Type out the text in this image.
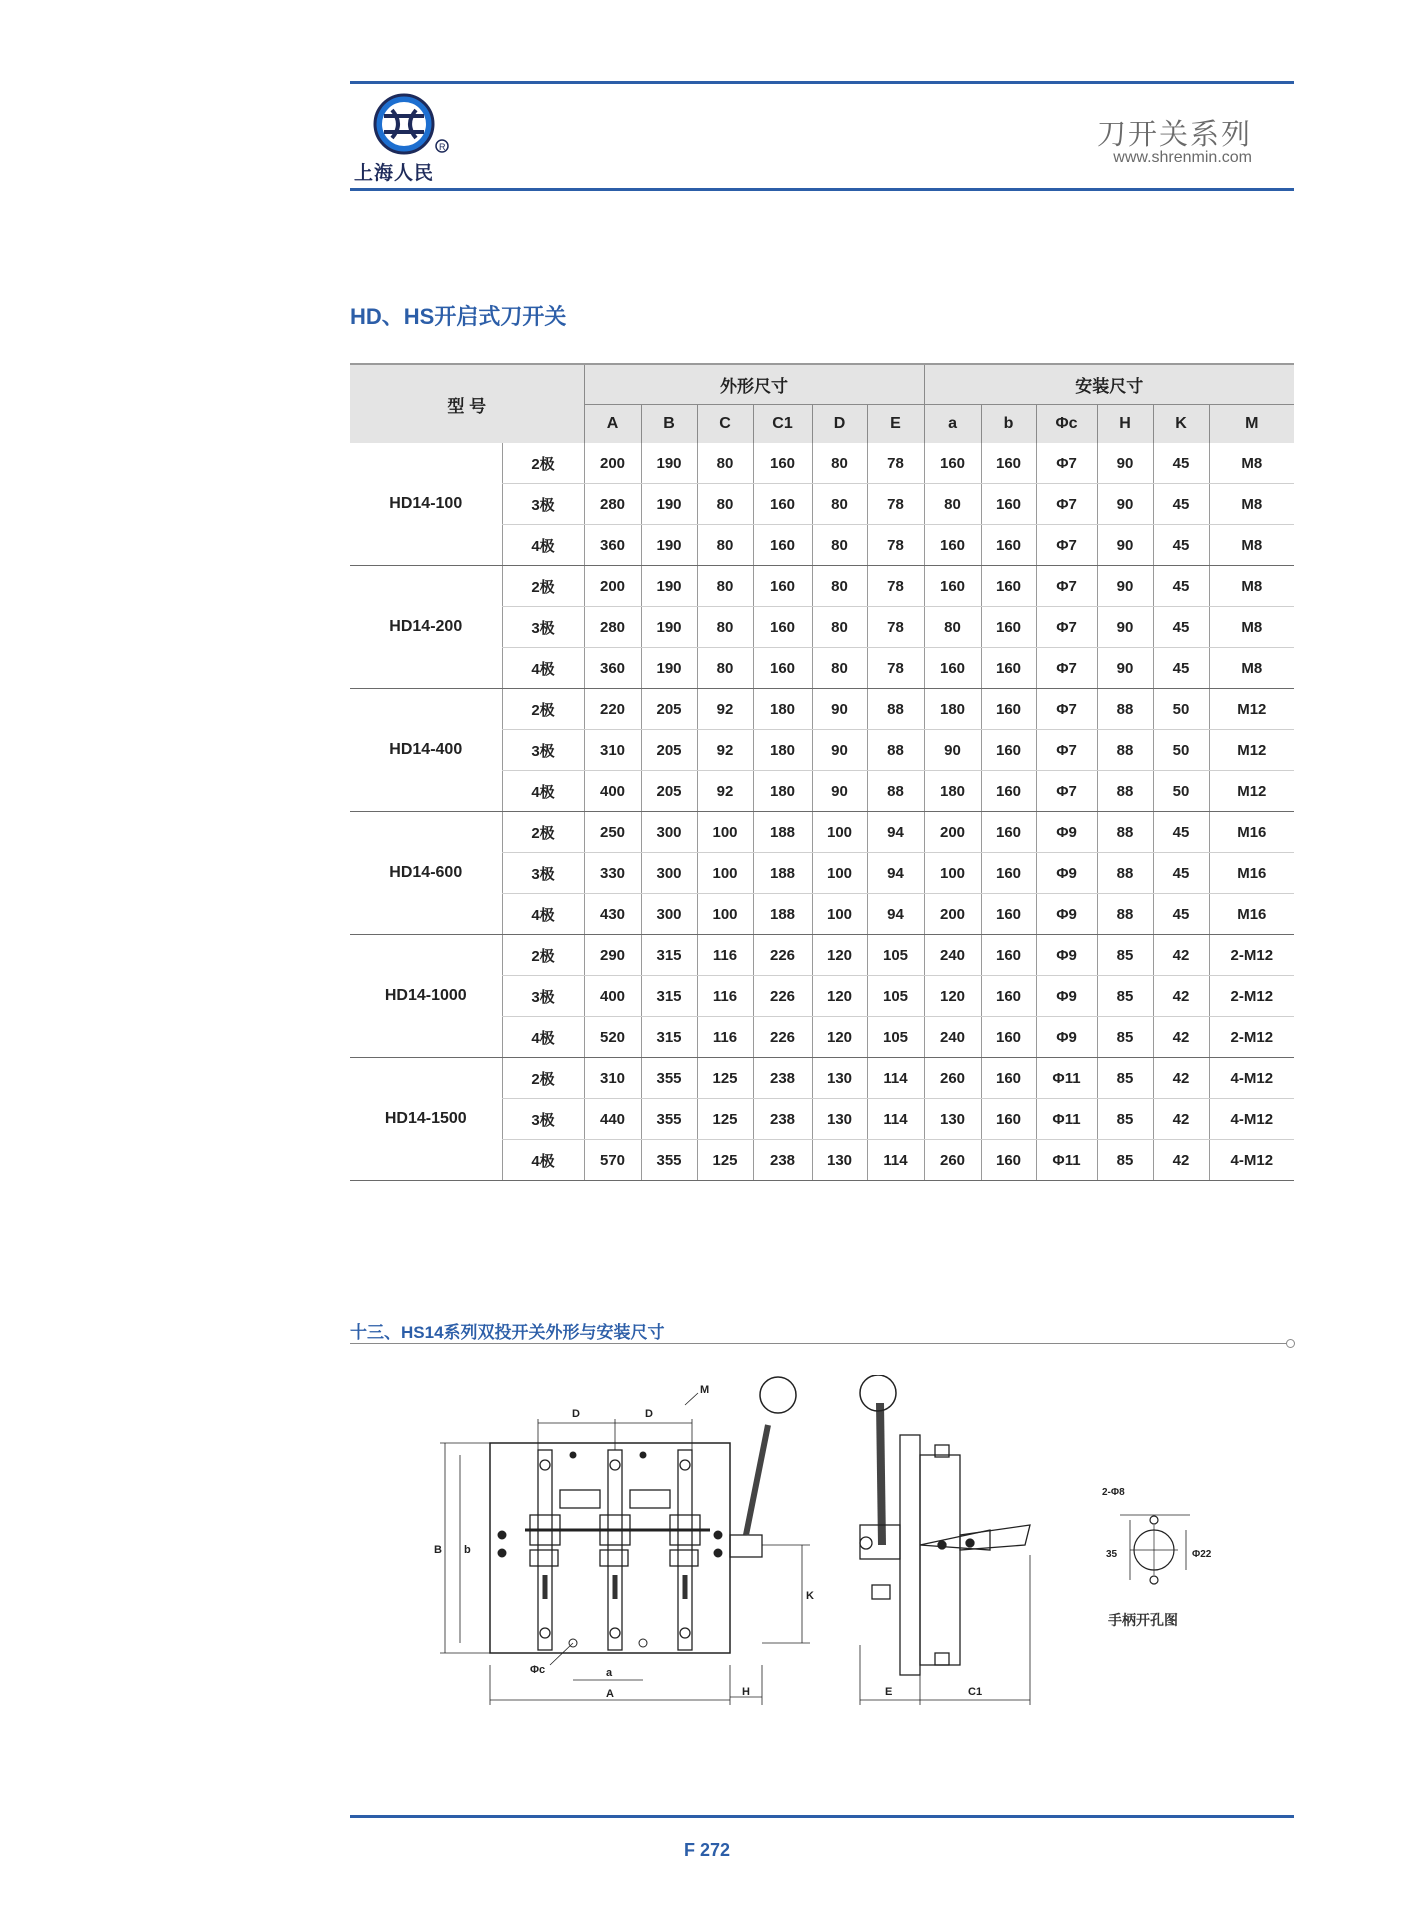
R
上海人民
刀开关系列
www.shrenmin.com
HD、HS开启式刀开关
型 号		外形尺寸						安装尺寸					
		A	B	C	C1	D	E	a	b	Φc	H	K	M
HD14-100	2极	200	190	80	160	80	78	160	160	Φ7	90	45	M8
	3极	280	190	80	160	80	78	80	160	Φ7	90	45	M8
	4极	360	190	80	160	80	78	160	160	Φ7	90	45	M8
HD14-200	2极	200	190	80	160	80	78	160	160	Φ7	90	45	M8
	3极	280	190	80	160	80	78	80	160	Φ7	90	45	M8
	4极	360	190	80	160	80	78	160	160	Φ7	90	45	M8
HD14-400	2极	220	205	92	180	90	88	180	160	Φ7	88	50	M12
	3极	310	205	92	180	90	88	90	160	Φ7	88	50	M12
	4极	400	205	92	180	90	88	180	160	Φ7	88	50	M12
HD14-600	2极	250	300	100	188	100	94	200	160	Φ9	88	45	M16
	3极	330	300	100	188	100	94	100	160	Φ9	88	45	M16
	4极	430	300	100	188	100	94	200	160	Φ9	88	45	M16
HD14-1000	2极	290	315	116	226	120	105	240	160	Φ9	85	42	2-M12
	3极	400	315	116	226	120	105	120	160	Φ9	85	42	2-M12
	4极	520	315	116	226	120	105	240	160	Φ9	85	42	2-M12
HD14-1500	2极	310	355	125	238	130	114	260	160	Φ11	85	42	4-M12
	3极	440	355	125	238	130	114	130	160	Φ11	85	42	4-M12
	4极	570	355	125	238	130	114	260	160	Φ11	85	42	4-M12
十三、HS14系列双投开关外形与安装尺寸
D	D
M
B b
Φc	a
A	H
K
E	C1
2-Φ8
35	Φ22
手柄开孔图
F 272
